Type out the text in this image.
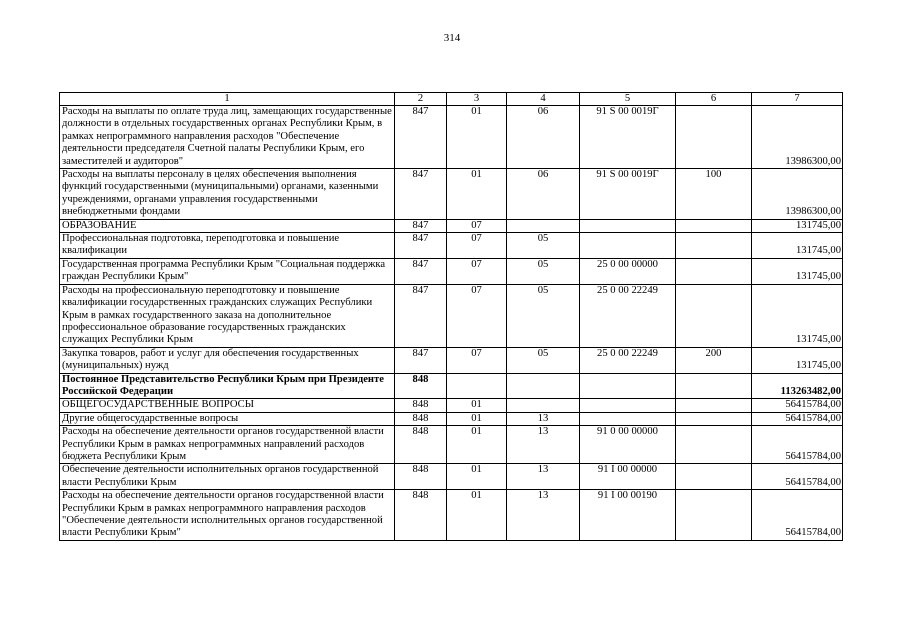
314
1	2	3	4	5	6	7
Расходы на выплаты по оплате труда лиц, замещающих государственные должности в отдельных государственных органах Республики Крым, в рамках непрограммного направления расходов "Обеспечение деятельности председателя Счетной палаты Республики Крым, его заместителей и аудиторов"	847	01	06	91 S 00 0019Г		13986300,00
Расходы на выплаты персоналу в целях обеспечения выполнения функций государственными (муниципальными) органами, казенными учреждениями, органами управления государственными внебюджетными фондами	847	01	06	91 S 00 0019Г	100	13986300,00
ОБРАЗОВАНИЕ	847	07				131745,00
Профессиональная подготовка, переподготовка и повышение квалификации	847	07	05			131745,00
Государственная программа Республики Крым "Социальная поддержка граждан Республики Крым"	847	07	05	25 0 00 00000		131745,00
Расходы на профессиональную переподготовку и повышение квалификации государственных гражданских служащих Республики Крым в рамках государственного заказа на дополнительное профессиональное образование государственных гражданских служащих Республики Крым	847	07	05	25 0 00 22249		131745,00
Закупка товаров, работ и услуг для обеспечения государственных (муниципальных) нужд	847	07	05	25 0 00 22249	200	131745,00
Постоянное Представительство Республики Крым при Президенте Российской Федерации	848					113263482,00
ОБЩЕГОСУДАРСТВЕННЫЕ ВОПРОСЫ	848	01				56415784,00
Другие общегосударственные вопросы	848	01	13			56415784,00
Расходы на обеспечение деятельности органов государственной власти Республики Крым в рамках непрограммных направлений расходов бюджета Республики Крым	848	01	13	91 0 00 00000		56415784,00
Обеспечение деятельности исполнительных органов государственной власти Республики Крым	848	01	13	91 I 00 00000		56415784,00
Расходы на обеспечение деятельности органов государственной власти Республики Крым в рамках непрограммного направления расходов "Обеспечение деятельности исполнительных органов государственной власти Республики Крым"	848	01	13	91 I 00 00190		56415784,00
